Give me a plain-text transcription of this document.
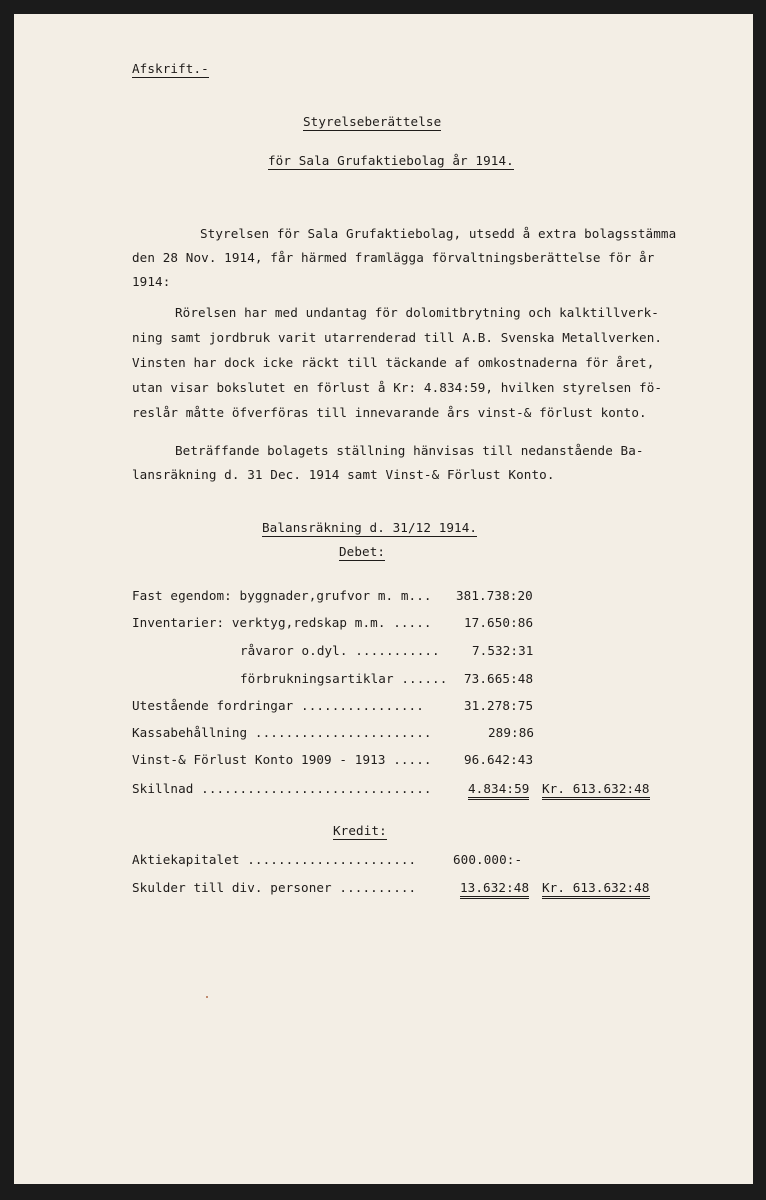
Afskrift.-
Styrelseberättelse
för Sala Grufaktiebolag år 1914.
Styrelsen för Sala Grufaktiebolag, utsedd å extra bolagsstämma
den 28 Nov. 1914, får härmed framlägga förvaltningsberättelse för år
1914:
Rörelsen har med undantag för dolomitbrytning och kalktillverk-
ning samt jordbruk varit utarrenderad till A.B. Svenska Metallverken.
Vinsten har dock icke räckt till täckande af omkostnaderna för året,
utan visar bokslutet en förlust å Kr: 4.834:59, hvilken styrelsen fö-
reslår måtte öfverföras till innevarande års vinst-& förlust konto.
Beträffande bolagets ställning hänvisas till nedanstående Ba-
lansräkning d. 31 Dec. 1914 samt Vinst-& Förlust Konto.
Balansräkning d. 31/12 1914.
Debet:
Fast egendom: byggnader,grufvor m. m... 381.738:20
Inventarier: verktyg,redskap m.m. .....	17.650:86
råvaror o.dyl. ...........	7.532:31
förbrukningsartiklar ...... 73.665:48
Utestående fordringar ................	31.278:75
Kassabehållning .......................	289:86
Vinst-& Förlust Konto 1909 - 1913 .....	96.642:43
Skillnad ..............................	4.834:59 Kr. 613.632:48
Kredit:
Aktiekapitalet ......................	600.000:-
Skulder till div. personer ..........	13.632:48 Kr. 613.632:48
